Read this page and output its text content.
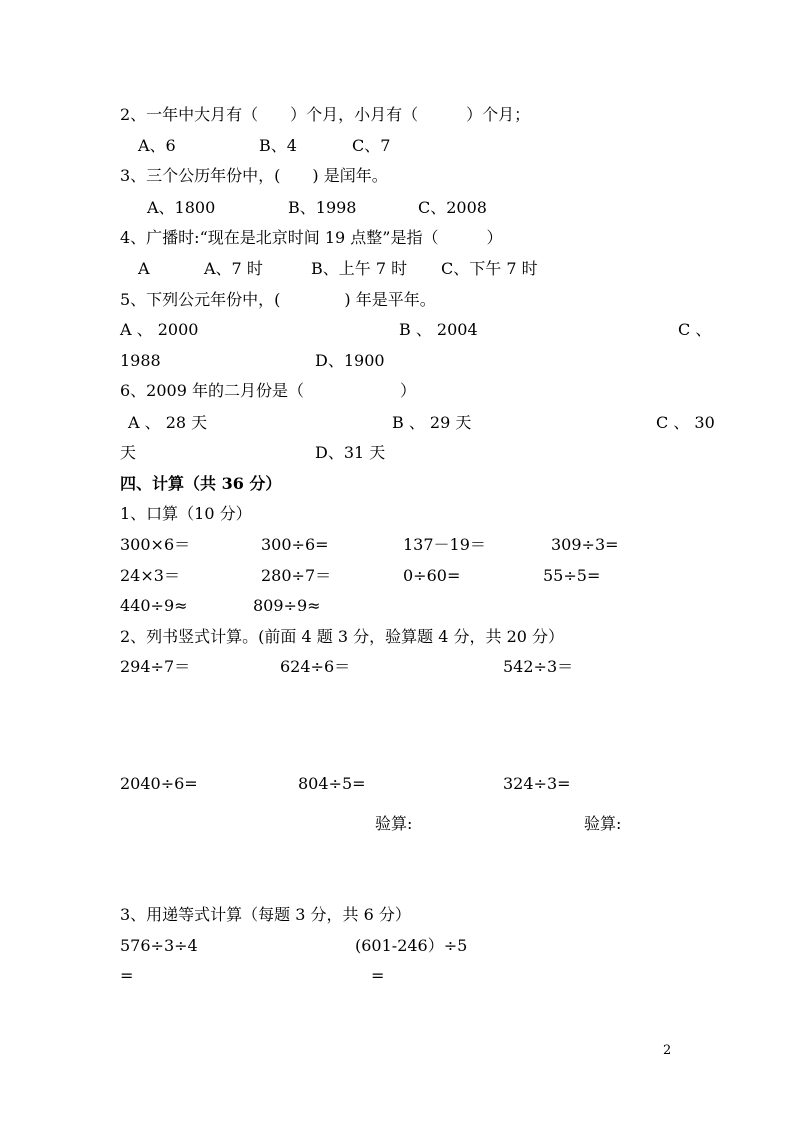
2、一年中大月有（　　）个月，小月有（　　　）个月；
A、6	B、4	C、7
3、三个公历年份中，(　　) 是闰年。
A、1800	B、1998	C、2008
4、广播时:“现在是北京时间 19 点整”是指（　　　）
A	A、7 时	B、上午 7 时 C、下午 7 时
5、下列公元年份中，(　　　　) 年是平年。
A 、 2000	B 、 2004	C 、
1988	D、1900
6、2009 年的二月份是（　　　　　　）
A 、 28 天	B 、 29 天	C 、 30
天	D、31 天
四、计算（共 36 分）
1、口算（10 分）
300×6＝	300÷6=	137－19＝	309÷3=
24×3＝	280÷7＝	0÷60=	55÷5=
440÷9≈	809÷9≈
2、列书竖式计算。(前面 4 题 3 分，验算题 4 分，共 20 分）
294÷7＝	624÷6＝	542÷3＝
2040÷6=	804÷5=	324÷3=
验算:	验算:
3、用递等式计算（每题 3 分，共 6 分）
576÷3÷4	(601-246）÷5
=	=
2
